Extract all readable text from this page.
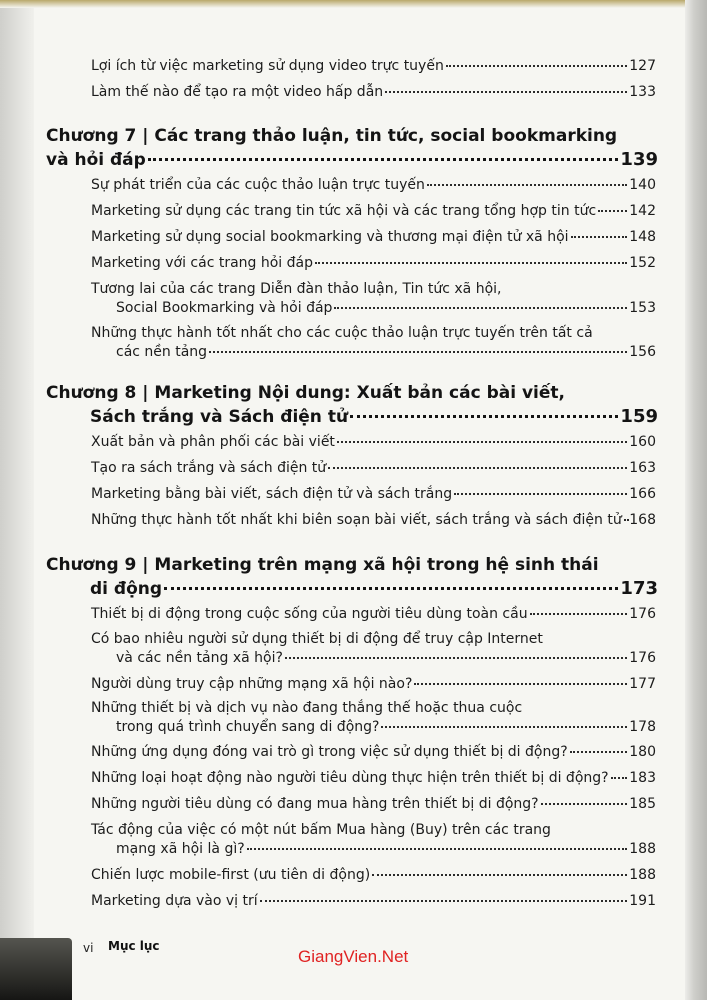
Lợi ích từ việc marketing sử dụng video trực tuyến	127
Làm thế nào để tạo ra một video hấp dẫn	133
Chương 7 | Các trang thảo luận, tin tức, social bookmarking
và hỏi đáp	139
Sự phát triển của các cuộc thảo luận trực tuyến	140
Marketing sử dụng các trang tin tức xã hội và các trang tổng hợp tin tức 142
Marketing sử dụng social bookmarking và thương mại điện tử xã hội	148
Marketing với các trang hỏi đáp	152
Tương lai của các trang Diễn đàn thảo luận, Tin tức xã hội,
Social Bookmarking và hỏi đáp	153
Những thực hành tốt nhất cho các cuộc thảo luận trực tuyến trên tất cả
các nền tảng	156
Chương 8 | Marketing Nội dung: Xuất bản các bài viết,
Sách trắng và Sách điện tử	159
Xuất bản và phân phối các bài viết	160
Tạo ra sách trắng và sách điện tử	163
Marketing bằng bài viết, sách điện tử và sách trắng	166
Những thực hành tốt nhất khi biên soạn bài viết, sách trắng và sách điện tử 168
Chương 9 | Marketing trên mạng xã hội trong hệ sinh thái
di động	173
Thiết bị di động trong cuộc sống của người tiêu dùng toàn cầu	176
Có bao nhiêu người sử dụng thiết bị di động để truy cập Internet
và các nền tảng xã hội?	176
Người dùng truy cập những mạng xã hội nào?	177
Những thiết bị và dịch vụ nào đang thắng thế hoặc thua cuộc
trong quá trình chuyển sang di động?	178
Những ứng dụng đóng vai trò gì trong việc sử dụng thiết bị di động?	180
Những loại hoạt động nào người tiêu dùng thực hiện trên thiết bị di động? 183
Những người tiêu dùng có đang mua hàng trên thiết bị di động?	185
Tác động của việc có một nút bấm Mua hàng (Buy) trên các trang
mạng xã hội là gì?	188
Chiến lược mobile-first (ưu tiên di động)	188
Marketing dựa vào vị trí	191
vi Mục lục
GiangVien.Net
